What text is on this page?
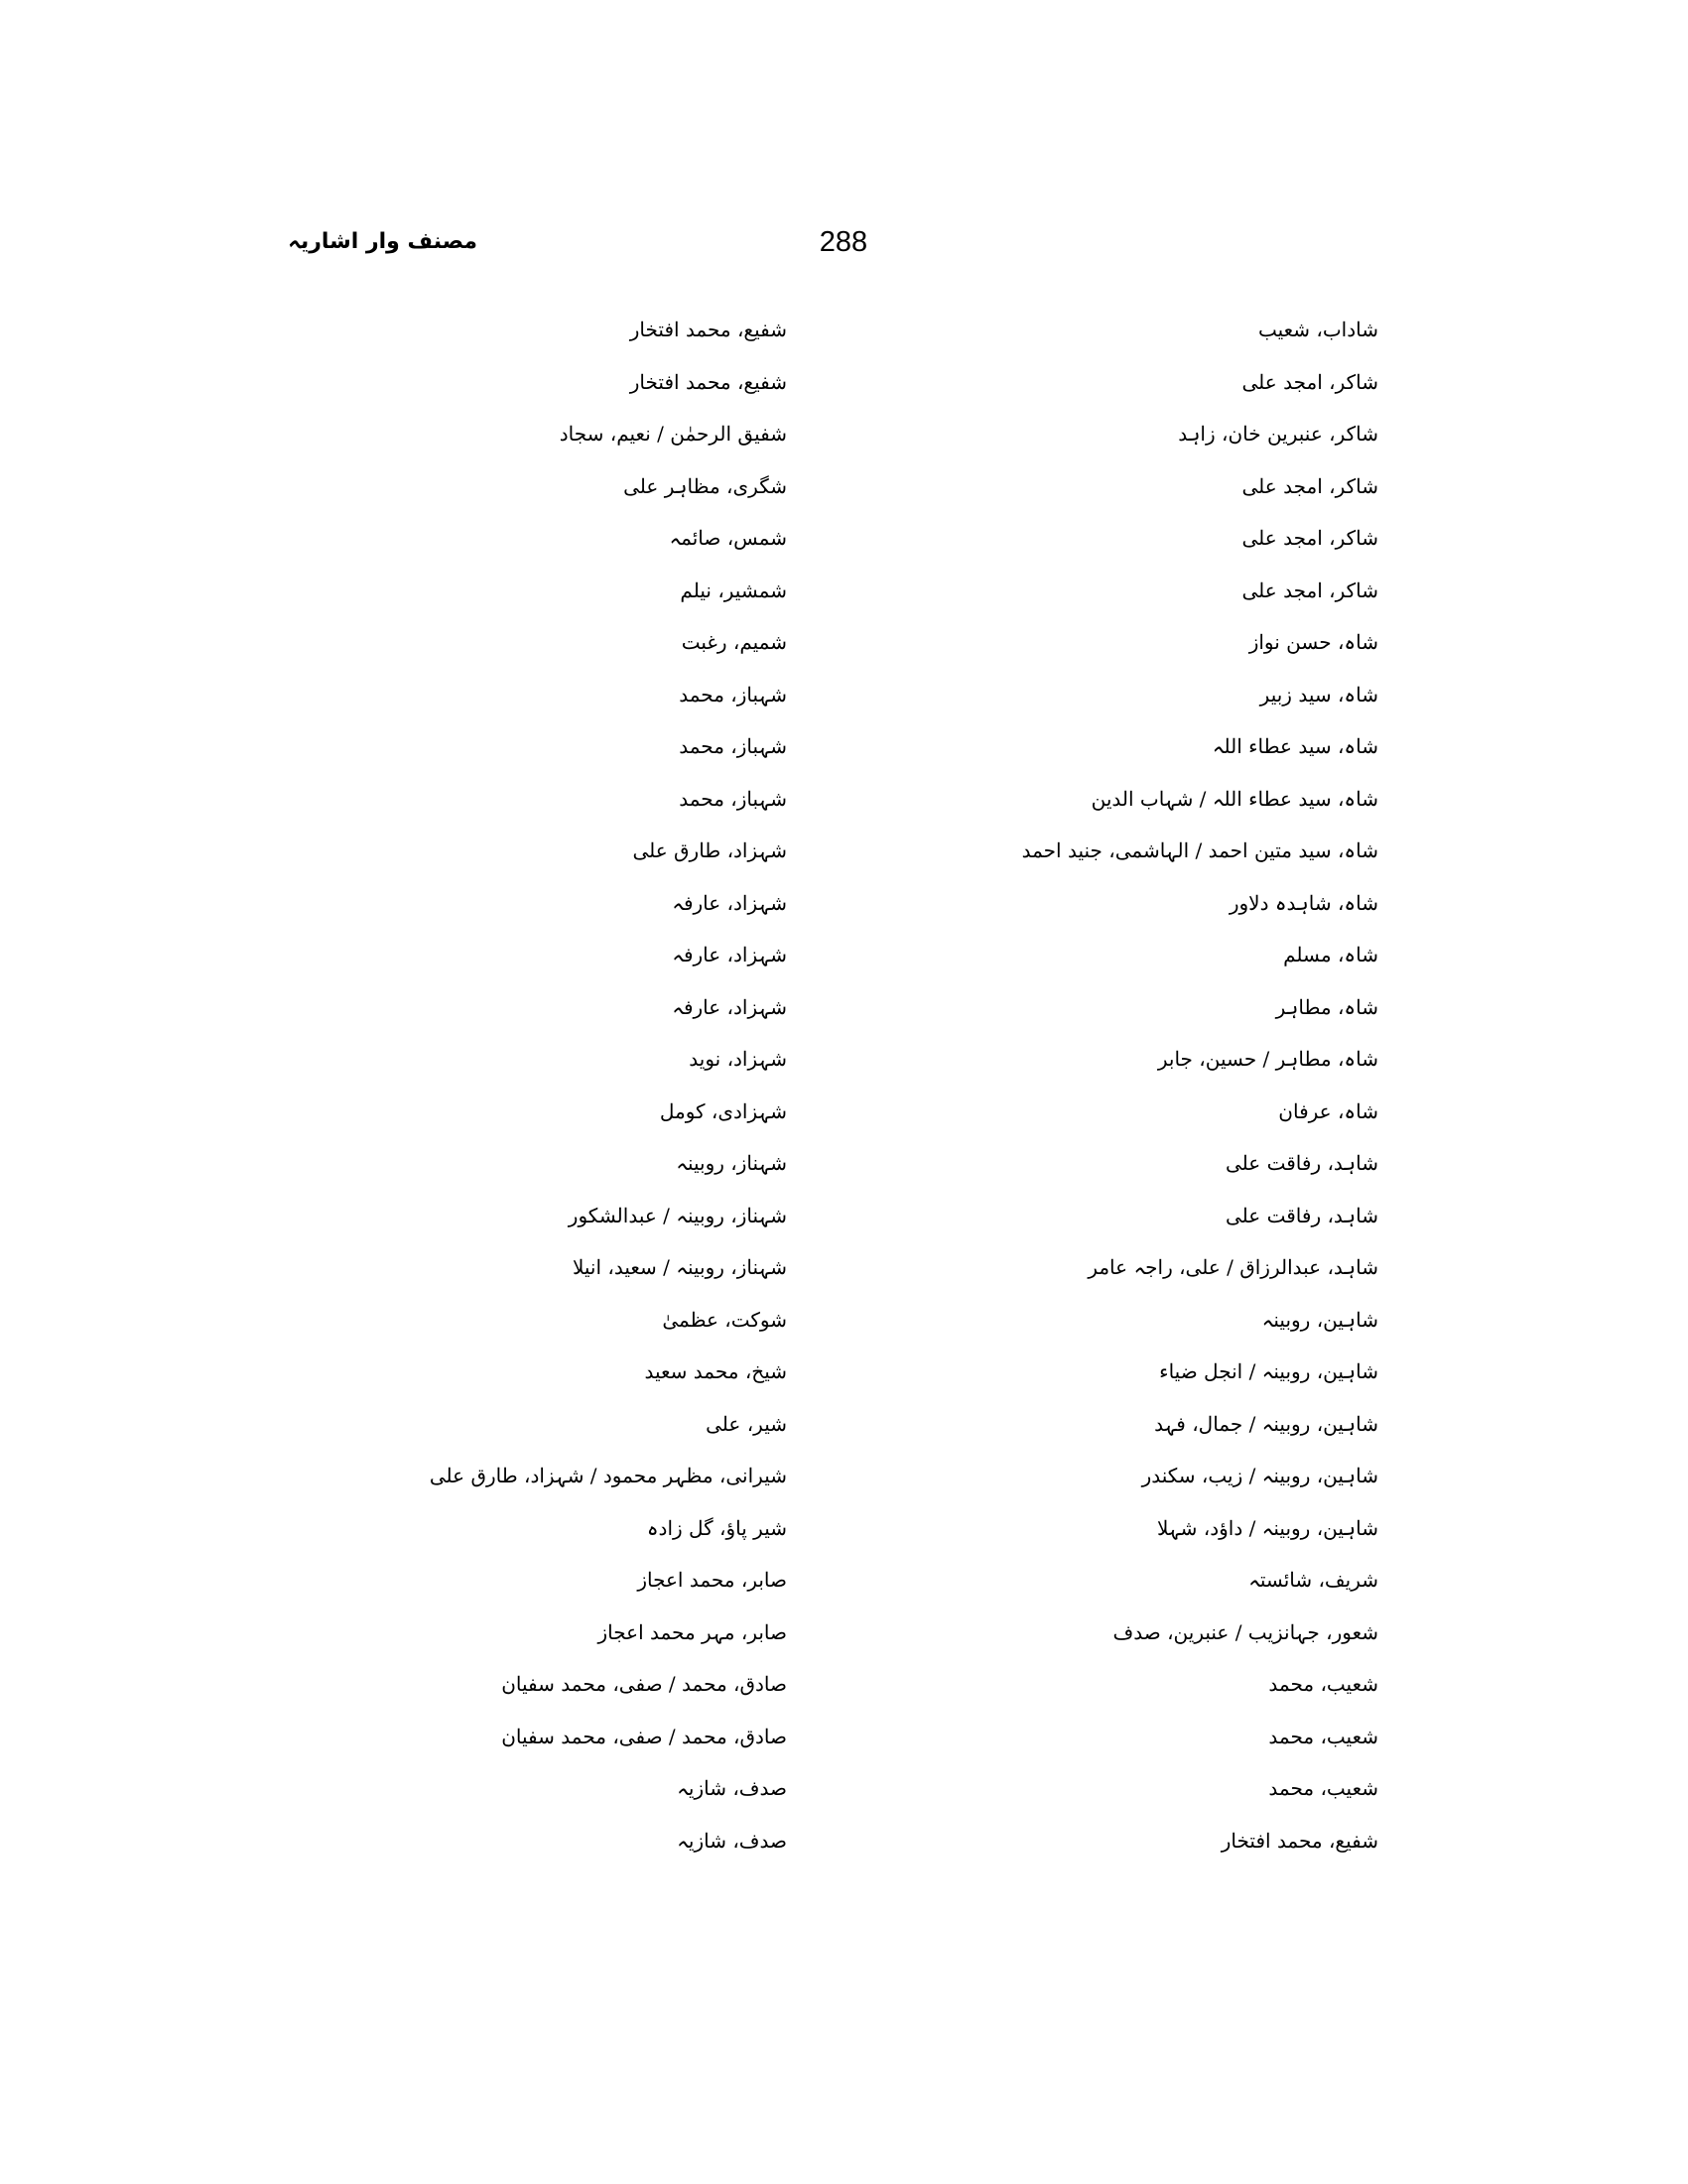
288
مصنف وار اشاریہ
شاداب، شعیب
شاکر، امجد علی
شاکر، عنبرین خان، زاہد
شاکر، امجد علی
شاکر، امجد علی
شاکر، امجد علی
شاہ، حسن نواز
شاہ، سید زبیر
شاہ، سید عطاء اللہ
شاہ، سید عطاء اللہ / شہاب الدین
شاہ، سید متین احمد / الہاشمی، جنید احمد
شاہ، شاہدہ دلاور
شاہ، مسلم
شاہ، مطاہر
شاہ، مطاہر / حسین، جابر
شاہ، عرفان
شاہد، رفاقت علی
شاہد، رفاقت علی
شاہد، عبدالرزاق / علی، راجہ عامر
شاہین، روبینہ
شاہین، روبینہ / انجل ضیاء
شاہین، روبینہ / جمال، فہد
شاہین، روبینہ / زیب، سکندر
شاہین، روبینہ / داؤد، شہلا
شریف، شائستہ
شعور، جہانزیب / عنبرین، صدف
شعیب، محمد
شعیب، محمد
شعیب، محمد
شفیع، محمد افتخار
شفیع، محمد افتخار
شفیع، محمد افتخار
شفیق الرحمٰن / نعیم، سجاد
شگری، مظاہر علی
شمس، صائمہ
شمشیر، نیلم
شمیم، رغبت
شہباز، محمد
شہباز، محمد
شہباز، محمد
شہزاد، طارق علی
شہزاد، عارفہ
شہزاد، عارفہ
شہزاد، عارفہ
شہزاد، نوید
شہزادی، کومل
شہناز، روبینہ
شہناز، روبینہ / عبدالشکور
شہناز، روبینہ / سعید، انیلا
شوکت، عظمیٰ
شیخ، محمد سعید
شیر، علی
شیرانی، مظہر محمود / شہزاد، طارق علی
شیر پاؤ، گل زادہ
صابر، محمد اعجاز
صابر، مہر محمد اعجاز
صادق، محمد / صفی، محمد سفیان
صادق، محمد / صفی، محمد سفیان
صدف، شازیہ
صدف، شازیہ
